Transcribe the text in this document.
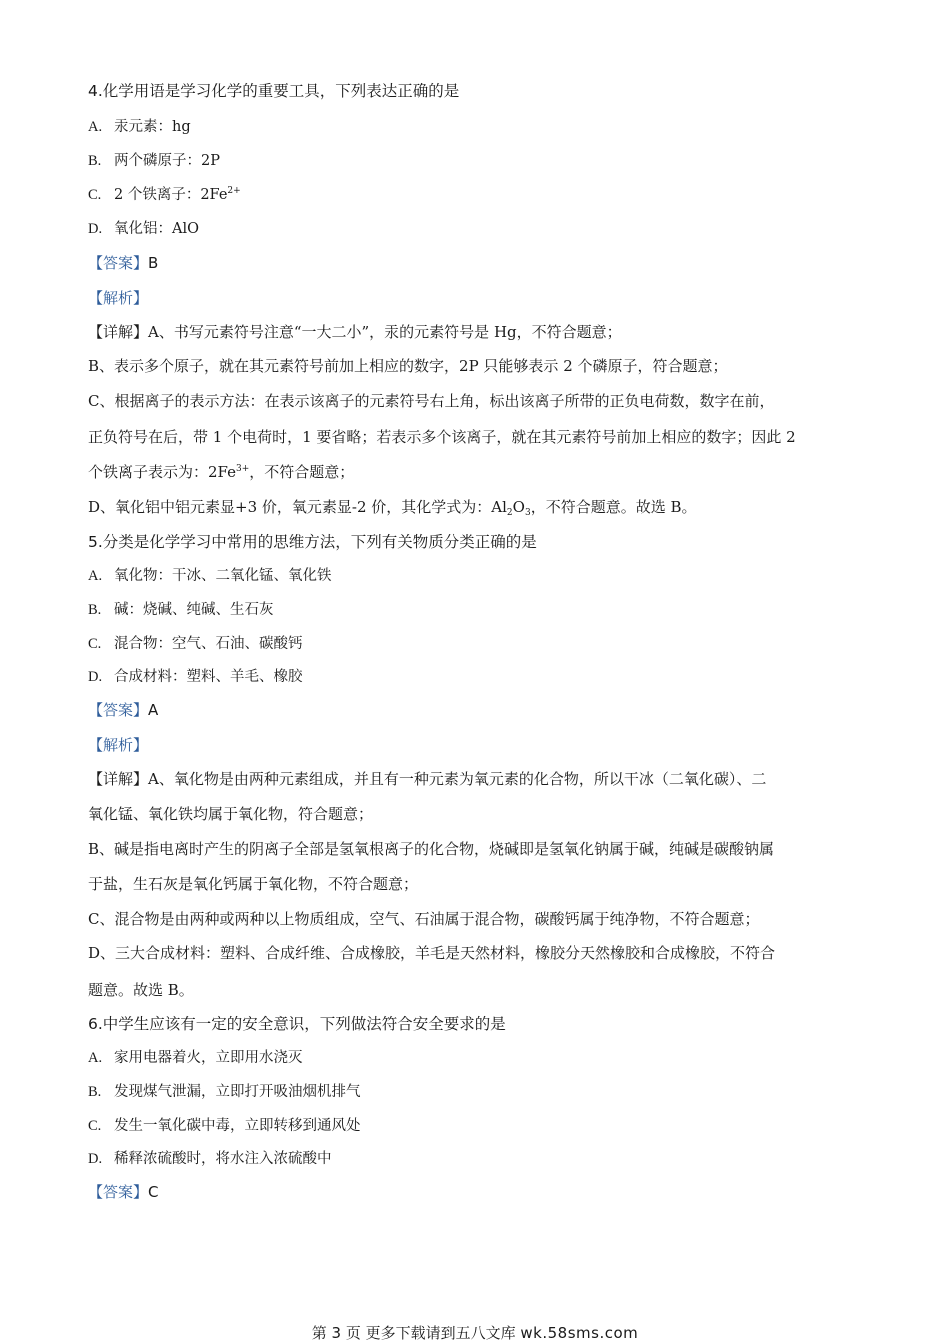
4.化学用语是学习化学的重要工具，下列表达正确的是
A. 汞元素：hg
B. 两个磷原子：2P
C. 2 个铁离子：$2Fe^{2+}$
D. 氧化铝：AlO
【答案】B
【解析】
【详解】A、书写元素符号注意“一大二小”，汞的元素符号是 Hg，不符合题意；
B、表示多个原子，就在其元素符号前加上相应的数字，2P 只能够表示 2 个磷原子，符合题意；
C、根据离子的表示方法：在表示该离子的元素符号右上角，标出该离子所带的正负电荷数，数字在前，
正负符号在后，带 1 个电荷时，1 要省略；若表示多个该离子，就在其元素符号前加上相应的数字；因此 2
个铁离子表示为：$2Fe^{3+}$，不符合题意；
D、氧化铝中铝元素显+3 价，氧元素显-2 价，其化学式为：$Al_2O_3$，不符合题意。故选 B。
5.分类是化学学习中常用的思维方法，下列有关物质分类正确的是
A. 氧化物：干冰、二氧化锰、氧化铁
B. 碱：烧碱、纯碱、生石灰
C. 混合物：空气、石油、碳酸钙
D. 合成材料：塑料、羊毛、橡胶
【答案】A
【解析】
【详解】A、氧化物是由两种元素组成，并且有一种元素为氧元素的化合物，所以干冰（二氧化碳）、二
氧化锰、氧化铁均属于氧化物，符合题意；
B、碱是指电离时产生的阴离子全部是氢氧根离子的化合物，烧碱即是氢氧化钠属于碱，纯碱是碳酸钠属
于盐，生石灰是氧化钙属于氧化物，不符合题意；
C、混合物是由两种或两种以上物质组成，空气、石油属于混合物，碳酸钙属于纯净物，不符合题意；
D、三大合成材料：塑料、合成纤维、合成橡胶，羊毛是天然材料，橡胶分天然橡胶和合成橡胶，不符合
题意。故选 B。
6.中学生应该有一定的安全意识，下列做法符合安全要求的是
A. 家用电器着火，立即用水浇灭
B. 发现煤气泄漏，立即打开吸油烟机排气
C. 发生一氧化碳中毒，立即转移到通风处
D. 稀释浓硫酸时，将水注入浓硫酸中
【答案】C
第 3 页 更多下载请到五八文库 wk.58sms.com
